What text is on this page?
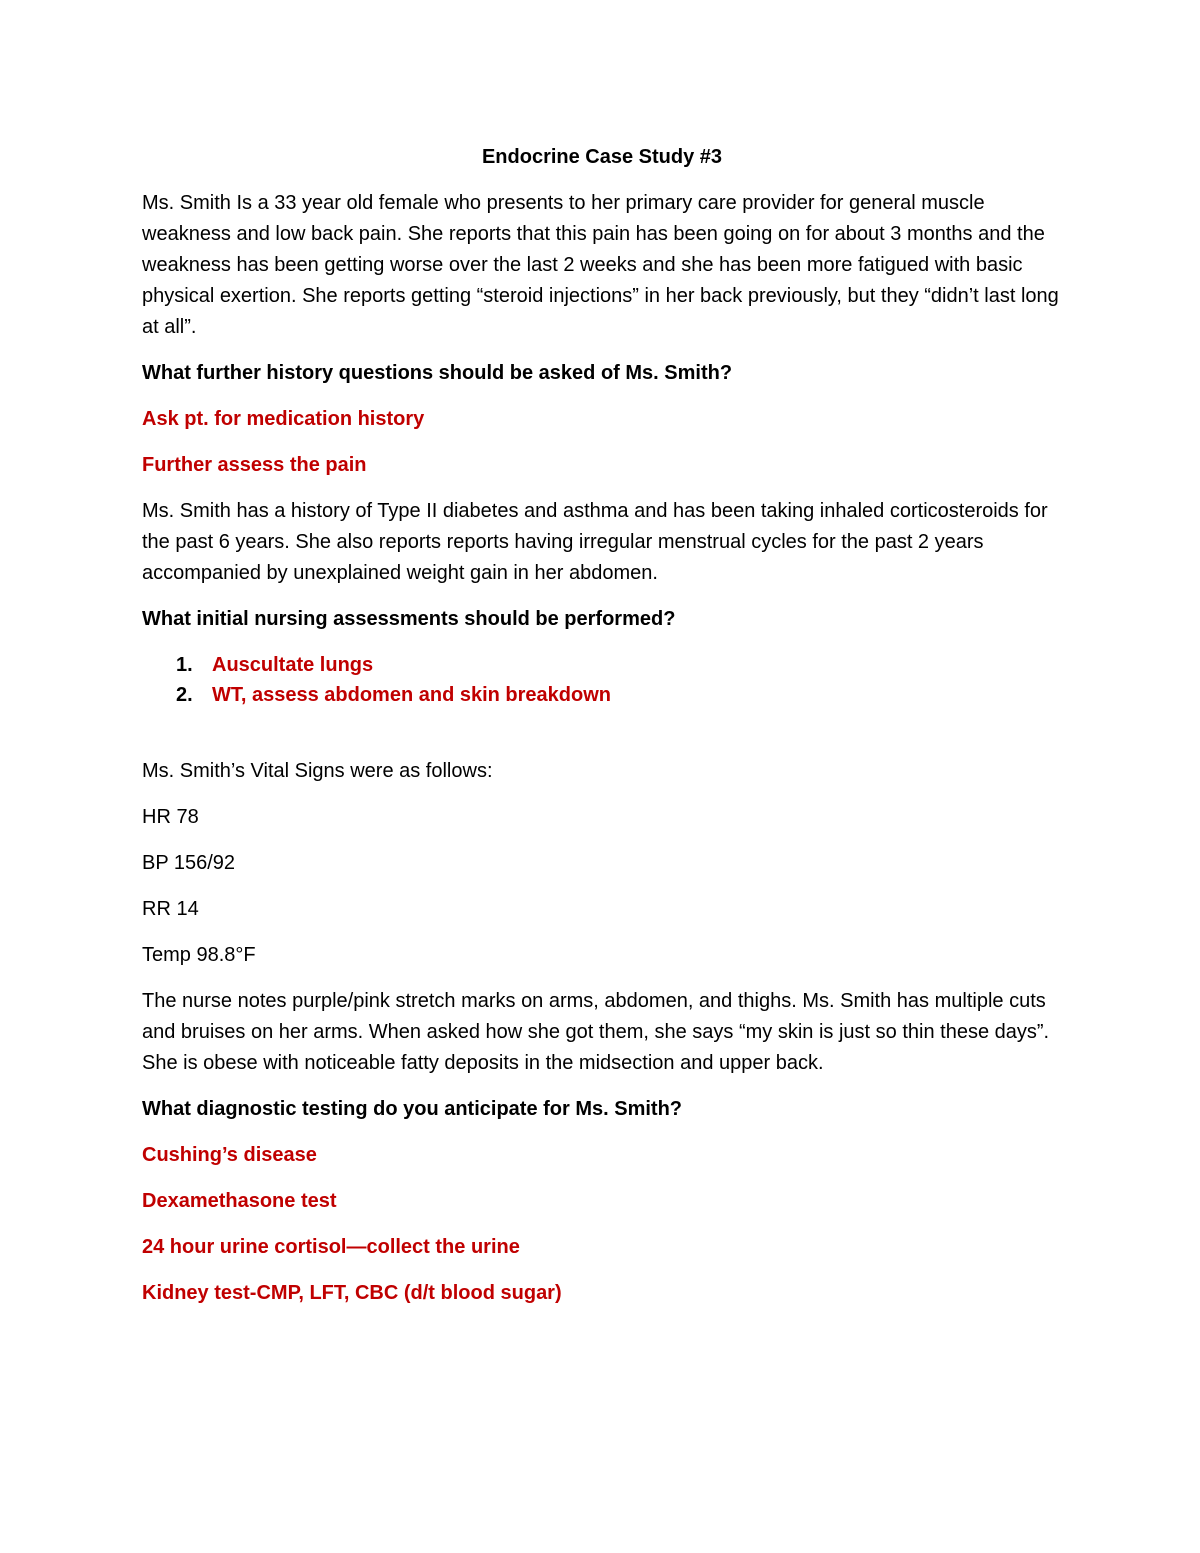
Endocrine Case Study #3

Ms. Smith Is a 33 year old female who presents to her primary care provider for general muscle weakness and low back pain. She reports that this pain has been going on for about 3 months and the weakness has been getting worse over the last 2 weeks and she has been more fatigued with basic physical exertion. She reports getting “steroid injections” in her back previously, but they “didn’t last long at all”.

What further history questions should be asked of Ms. Smith?

Ask pt. for medication history

Further assess the pain

Ms. Smith has a history of Type II diabetes and asthma and has been taking inhaled corticosteroids for the past 6 years. She also reports reports having irregular menstrual cycles for the past 2 years accompanied by unexplained weight gain in her abdomen.

What initial nursing assessments should be performed?

1. Auscultate lungs
2. WT, assess abdomen and skin breakdown

Ms. Smith’s Vital Signs were as follows:

HR 78

BP 156/92

RR 14

Temp 98.8°F

The nurse notes purple/pink stretch marks on arms, abdomen, and thighs. Ms. Smith has multiple cuts and bruises on her arms. When asked how she got them, she says “my skin is just so thin these days”. She is obese with noticeable fatty deposits in the midsection and upper back.

What diagnostic testing do you anticipate for Ms. Smith?

Cushing’s disease

Dexamethasone test

24 hour urine cortisol—collect the urine

Kidney test-CMP, LFT, CBC (d/t blood sugar)
